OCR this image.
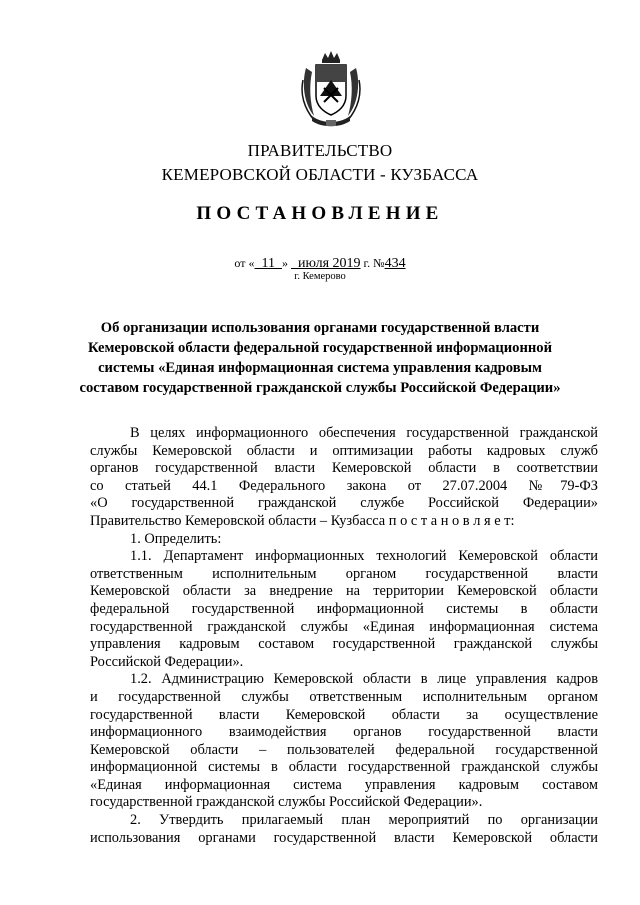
ПРАВИТЕЛЬСТВО
КЕМЕРОВСКОЙ ОБЛАСТИ - КУЗБАССА
ПОСТАНОВЛЕНИЕ
от « 11 » июля 2019 г. №434
г. Кемерово
Об организации использования органами государственной власти
Кемеровской области федеральной государственной информационной
системы «Единая информационная система управления кадровым
составом государственной гражданской службы Российской Федерации»
В целях информационного обеспечения государственной гражданской
службы Кемеровской области и оптимизации работы кадровых служб
органов государственной власти Кемеровской области в соответствии
со статьей 44.1 Федерального закона от 27.07.2004 №79-ФЗ
«О государственной гражданской службе Российской Федерации»
Правительство Кемеровской области – Кузбасса п о с т а н о в л я е т:
1. Определить:
1.1. Департамент информационных технологий Кемеровской области
ответственным исполнительным органом государственной власти
Кемеровской области за внедрение на территории Кемеровской области
федеральной государственной информационной системы в области
государственной гражданской службы «Единая информационная система
управления кадровым составом государственной гражданской службы
Российской Федерации».
1.2. Администрацию Кемеровской области в лице управления кадров
и государственной службы ответственным исполнительным органом
государственной власти Кемеровской области за осуществление
информационного взаимодействия органов государственной власти
Кемеровской области – пользователей федеральной государственной
информационной системы в области государственной гражданской службы
«Единая информационная система управления кадровым составом
государственной гражданской службы Российской Федерации».
2. Утвердить прилагаемый план мероприятий по организации
использования органами государственной власти Кемеровской области
